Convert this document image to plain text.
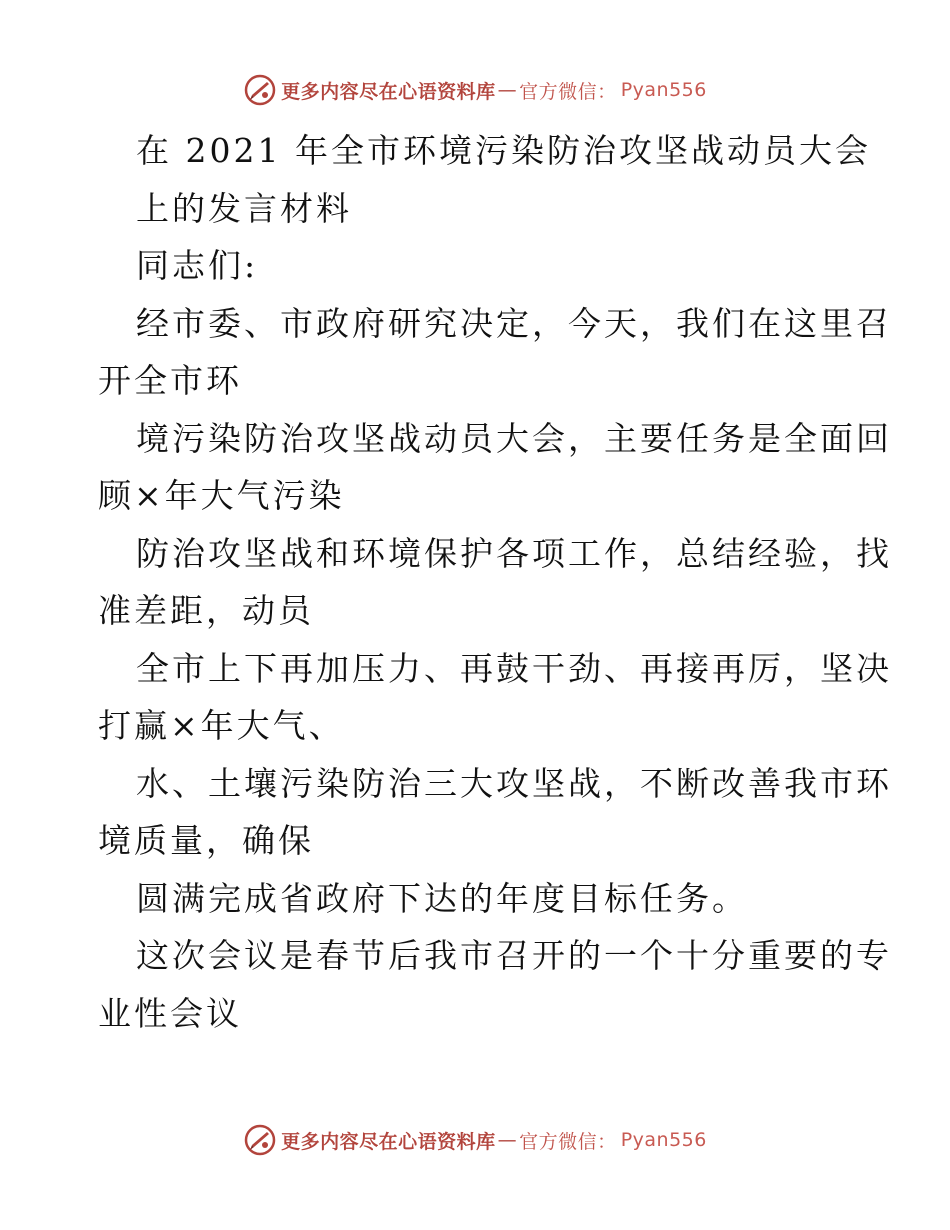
更多内容尽在心语资料库 — 官方微信： Pyan556
在 2021 年全市环境污染防治攻坚战动员大会
上的发言材料
同志们:
经市委、市政府研究决定，今天，我们在这里召
开全市环
境污染防治攻坚战动员大会，主要任务是全面回
顾×年大气污染
防治攻坚战和环境保护各项工作，总结经验，找
准差距，动员
全市上下再加压力、再鼓干劲、再接再厉，坚决
打赢×年大气、
水、土壤污染防治三大攻坚战，不断改善我市环
境质量，确保
圆满完成省政府下达的年度目标任务。
这次会议是春节后我市召开的一个十分重要的专
业性会议
更多内容尽在心语资料库 — 官方微信： Pyan556
